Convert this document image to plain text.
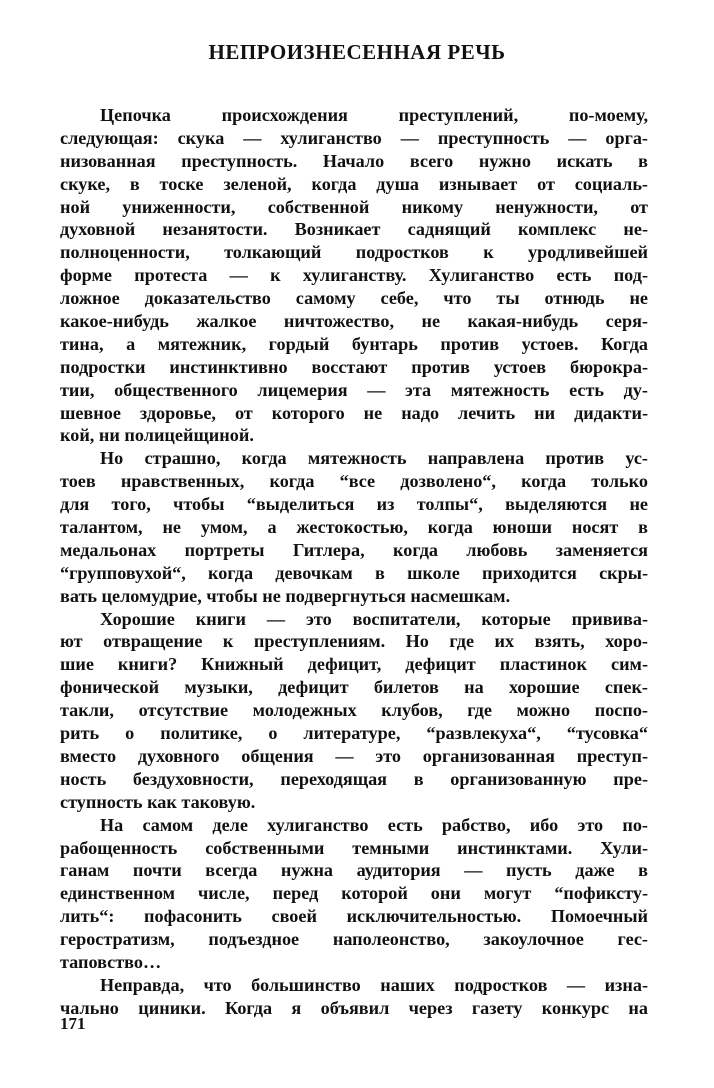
НЕПРОИЗНЕСЕННАЯ РЕЧЬ
Цепочка происхождения преступлений, по-моему,
следующая: скука — хулиганство — преступность — орга-
низованная преступность. Начало всего нужно искать в
скуке, в тоске зеленой, когда душа изнывает от социаль-
ной униженности, собственной никому ненужности, от
духовной незанятости. Возникает саднящий комплекс не-
полноценности, толкающий подростков к уродливейшей
форме протеста — к хулиганству. Хулиганство есть под-
ложное доказательство самому себе, что ты отнюдь не
какое-нибудь жалкое ничтожество, не какая-нибудь серя-
тина, а мятежник, гордый бунтарь против устоев. Когда
подростки инстинктивно восстают против устоев бюрокра-
тии, общественного лицемерия — эта мятежность есть ду-
шевное здоровье, от которого не надо лечить ни дидакти-
кой, ни полицейщиной.
Но страшно, когда мятежность направлена против ус-
тоев нравственных, когда “все дозволено“, когда только
для того, чтобы “выделиться из толпы“, выделяются не
талантом, не умом, а жестокостью, когда юноши носят в
медальонах портреты Гитлера, когда любовь заменяется
“групповухой“, когда девочкам в школе приходится скры-
вать целомудрие, чтобы не подвергнуться насмешкам.
Хорошие книги — это воспитатели, которые прививa-
ют отвращение к преступлениям. Но где их взять, хоро-
шие книги? Книжный дефицит, дефицит пластинок сим-
фонической музыки, дефицит билетов на хорошие спек-
такли, отсутствие молодежных клубов, где можно поспо-
рить о политике, о литературе, “развлекуха“, “тусовка“
вместо духовного общения — это организованная преступ-
ность бездуховности, переходящая в организованную пре-
ступность как таковую.
На самом деле хулиганство есть рабство, ибо это по-
рабощенность собственными темными инстинктами. Хули-
ганам почти всегда нужна аудитория — пусть даже в
единственном числе, перед которой они могут “пофиксту-
лить“: пофасонить своей исключительностью. Помоечный
геростратизм, подъездное наполеонство, закоулочное гес-
таповство…
Неправда, что большинство наших подростков — изна-
чально циники. Когда я объявил через газету конкурс на
171
